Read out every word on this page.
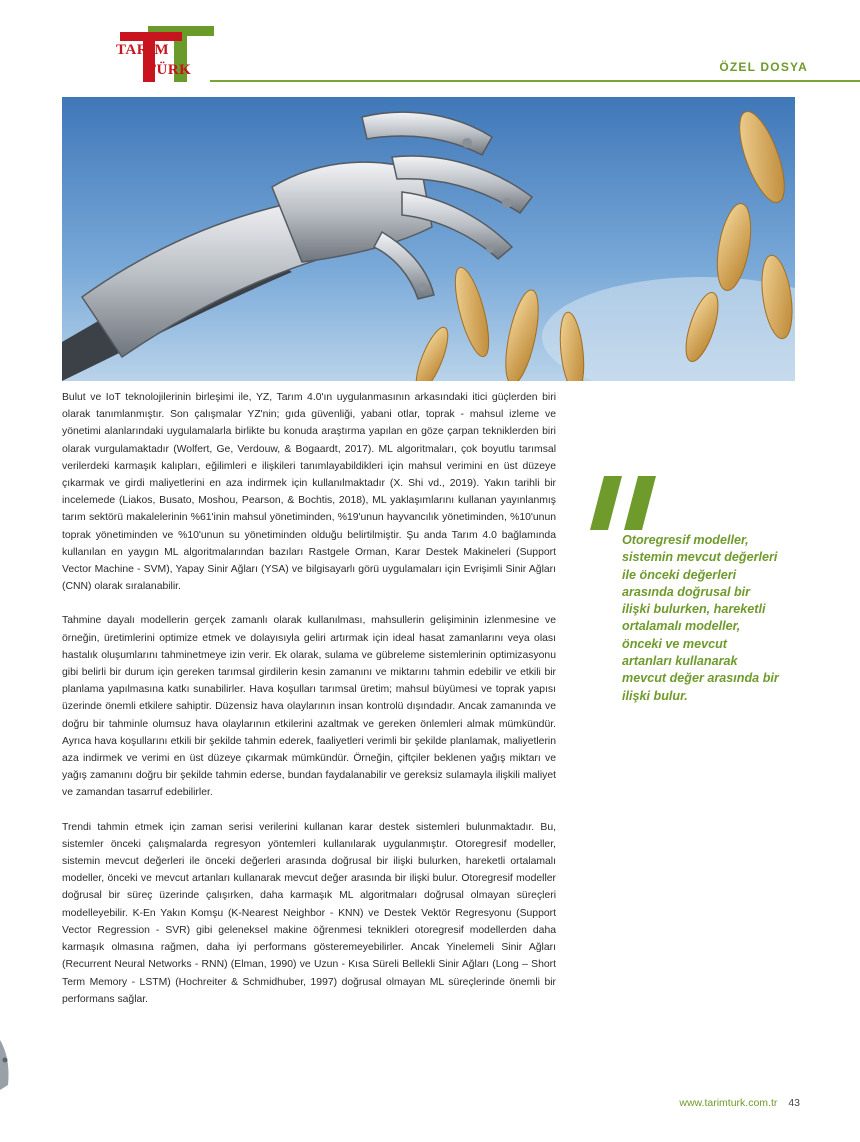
TARIM
TÜRK	ÖZEL DOSYA

Bulut ve IoT teknolojilerinin birleşimi ile, YZ, Tarım 4.0'ın uygulanmasının arkasındaki itici güçlerden biri olarak tanımlanmıştır. Son çalışmalar YZ'nin; gıda güvenliği, yabani otlar, toprak - mahsul izleme ve yönetimi alanlarındaki uygulamalarla birlikte bu konuda araştırma yapılan en göze çarpan tekniklerden biri olarak vurgulamaktadır (Wolfert, Ge, Verdouw, & Bogaardt, 2017). ML algoritmaları, çok boyutlu tarımsal verilerdeki karmaşık kalıpları, eğilimleri e ilişkileri tanımlayabildikleri için mahsul verimini en üst düzeye çıkarmak ve girdi maliyetlerini en aza indirmek için kullanılmaktadır (X. Shi vd., 2019). Yakın tarihli bir incelemede (Liakos, Busato, Moshou, Pearson, & Bochtis, 2018), ML yaklaşımlarını kullanan yayınlanmış tarım sektörü makalelerinin %61'inin mahsul yönetiminden, %19'unun hayvancılık yönetiminden, %10'unun toprak yönetiminden ve %10'unun su yönetiminden olduğu belirtilmiştir. Şu anda Tarım 4.0 bağlamında kullanılan en yaygın ML algoritmalarından bazıları Rastgele Orman, Karar Destek Makineleri (Support Vector Machine - SVM), Yapay Sinir Ağları (YSA) ve bilgisayarlı görü uygulamaları için Evrişimli Sinir Ağları (CNN) olarak sıralanabilir.

Tahmine dayalı modellerin gerçek zamanlı olarak kullanılması, mahsullerin gelişiminin izlenmesine ve örneğin, üretimlerini optimize etmek ve dolayısıyla geliri artırmak için ideal hasat zamanlarını veya olası hastalık oluşumlarını tahminetmeye izin verir. Ek olarak, sulama ve gübreleme sistemlerinin optimizasyonu gibi belirli bir durum için gereken tarımsal girdilerin kesin zamanını ve miktarını tahmin edebilir ve etkili bir planlama yapılmasına katkı sunabilirler. Hava koşulları tarımsal üretim; mahsul büyümesi ve toprak yapısı üzerinde önemli etkilere sahiptir. Düzensiz hava olaylarının insan kontrolü dışındadır. Ancak zamanında ve doğru bir tahminle olumsuz hava olaylarının etkilerini azaltmak ve gereken önlemleri almak mümkündür. Ayrıca hava koşullarını etkili bir şekilde tahmin ederek, faaliyetleri verimli bir şekilde planlamak, maliyetlerin aza indirmek ve verimi en üst düzeye çıkarmak mümkündür. Örneğin, çiftçiler beklenen yağış miktarı ve yağış zamanını doğru bir şekilde tahmin ederse, bundan faydalanabilir ve gereksiz sulamayla ilişkili maliyet ve zamandan tasarruf edebilirler.

Trendi tahmin etmek için zaman serisi verilerini kullanan karar destek sistemleri bulunmaktadır. Bu, sistemler önceki çalışmalarda regresyon yöntemleri kullanılarak uygulanmıştır. Otoregresif modeller, sistemin mevcut değerleri ile önceki değerleri arasında doğrusal bir ilişki bulurken, hareketli ortalamalı modeller, önceki ve mevcut artanları kullanarak mevcut değer arasında bir ilişki bulur. Otoregresif modeller doğrusal bir süreç üzerinde çalışırken, daha karmaşık ML algoritmaları doğrusal olmayan süreçleri modelleyebilir. K-En Yakın Komşu (K-Nearest Neighbor - KNN) ve Destek Vektör Regresyonu (Support Vector Regression - SVR) gibi geleneksel makine öğrenmesi teknikleri otoregresif modellerden daha karmaşık olmasına rağmen, daha iyi performans gösteremeyebilirler. Ancak Yinelemeli Sinir Ağları (Recurrent Neural Networks - RNN) (Elman, 1990) ve Uzun - Kısa Süreli Bellekli Sinir Ağları (Long – Short Term Memory - LSTM) (Hochreiter & Schmidhuber, 1997) doğrusal olmayan ML süreçlerinde önemli bir performans sağlar.

Otoregresif modeller, sistemin mevcut değerleri ile önceki değerleri arasında doğrusal bir ilişki bulurken, hareketli ortalamalı modeller, önceki ve mevcut artanları kullanarak mevcut değer arasında bir ilişki bulur.
www.tarimturk.com.tr 43
